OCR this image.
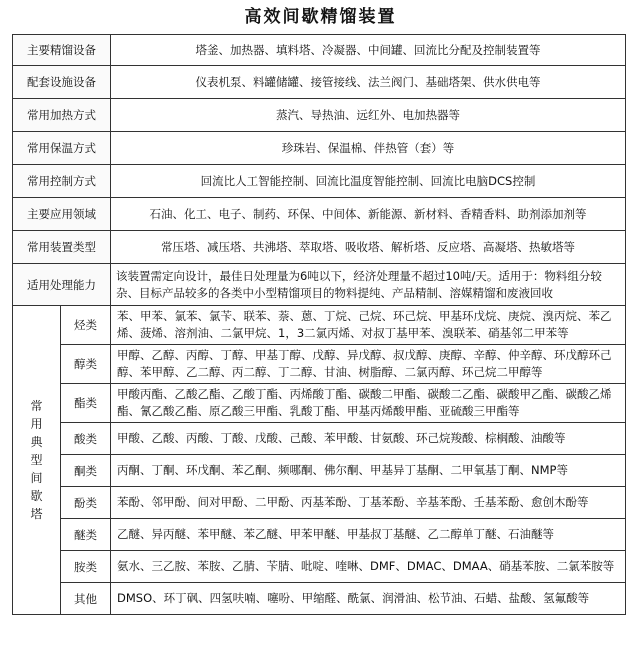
高效间歇精馏装置
主要精馏设备		塔釜、加热器、填料塔、冷凝器、中间罐、回流比分配及控制装置等
配套设施设备		仪表机泵、料罐储罐、接管接线、法兰阀门、基础塔架、供水供电等
常用加热方式		蒸汽、导热油、远红外、电加热器等
常用保温方式		珍珠岩、保温棉、伴热管（套）等
常用控制方式		回流比人工智能控制、回流比温度智能控制、回流比电脑DCS控制
主要应用领域		石油、化工、电子、制药、环保、中间体、新能源、新材料、香精香料、助剂添加剂等
常用装置类型		常压塔、减压塔、共沸塔、萃取塔、吸收塔、解析塔、反应塔、高凝塔、热敏塔等
适用处理能力		该装置需定向设计，最佳日处理量为6吨以下，经济处理量不超过10吨/天。适用于：物料组分较杂、目标产品较多的各类中小型精馏项目的物料提纯、产品精制、溶媒精馏和废液回收
常用典型间歇塔	烃类	苯、甲苯、氯苯、氯苄、联苯、萘、蒽、丁烷、己烷、环己烷、甲基环戊烷、庚烷、溴丙烷、苯乙烯、菠烯、溶剂油、二氯甲烷、1，3二氯丙烯、对叔丁基甲苯、溴联苯、硝基邻二甲苯等
	醇类	甲醇、乙醇、丙醇、丁醇、甲基丁醇、戊醇、异戊醇、叔戊醇、庚醇、辛醇、仲辛醇、环戊醇环己醇、苯甲醇、乙二醇、丙二醇、丁二醇、甘油、树脂醇、二氯丙醇、环己烷二甲醇等
	酯类	甲酸丙酯、乙酸乙酯、乙酸丁酯、丙烯酸丁酯、碳酸二甲酯、碳酸二乙酯、碳酸甲乙酯、碳酸乙烯酯、氰乙酸乙酯、原乙酸三甲酯、乳酸丁酯、甲基丙烯酸甲酯、亚硫酸三甲酯等
	酸类	甲酸、乙酸、丙酸、丁酸、戊酸、己酸、苯甲酸、甘氨酸、环己烷羧酸、棕榈酸、油酸等
	酮类	丙酮、丁酮、环戊酮、苯乙酮、频哪酮、佛尔酮、甲基异丁基酮、二甲氧基丁酮、NMP等
	酚类	苯酚、邻甲酚、间对甲酚、二甲酚、丙基苯酚、丁基苯酚、辛基苯酚、壬基苯酚、愈创木酚等
	醚类	乙醚、异丙醚、苯甲醚、苯乙醚、甲苯甲醚、甲基叔丁基醚、乙二醇单丁醚、石油醚等
	胺类	氨水、三乙胺、苯胺、乙腈、苄腈、吡啶、喹啉、DMF、DMAC、DMAA、硝基苯胺、二氯苯胺等
	其他	DMSO、环丁砜、四氢呋喃、噻吩、甲缩醛、酰氯、润滑油、松节油、石蜡、盐酸、氢氟酸等
